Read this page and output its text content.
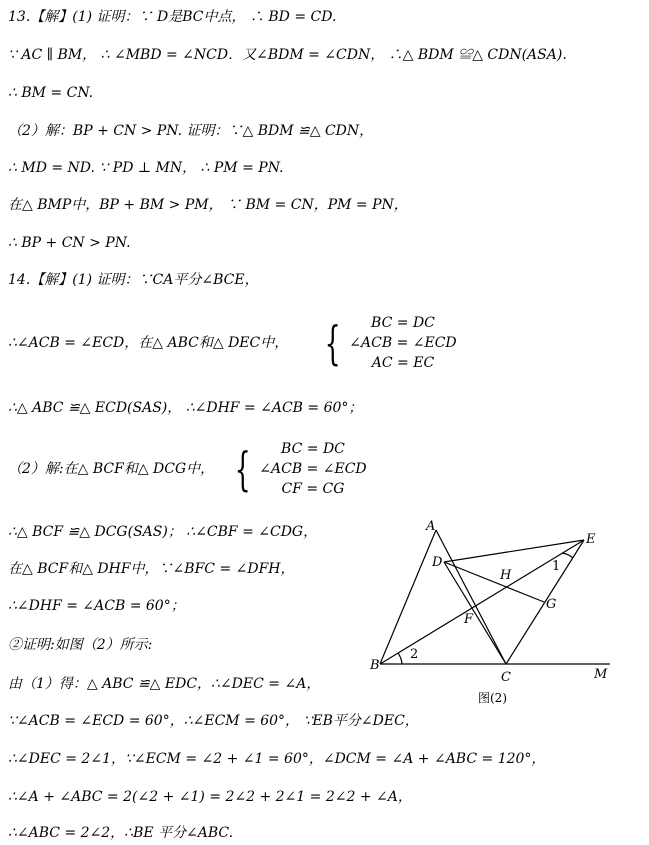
13.【解】(1) 证明：∵ D是BC中点， ∴ BD = CD.
∵ AC ∥ BM， ∴ ∠MBD = ∠NCD．又∠BDM = ∠CDN， ∴△ BDM ≌△ CDN(ASA).
∴ BM = CN.
（2）解：BP + CN > PN. 证明：∵△ BDM ≌△ CDN，
∴ MD = ND. ∵ PD ⊥ MN， ∴ PM = PN.
在△ BMP中，BP + BM > PM， ∵ BM = CN，PM = PN，
∴ BP + CN > PN.
14.【解】(1) 证明：∵CA平分∠BCE，
∴∠ACB = ∠ECD，在△ ABC和△ DEC中， { BC = DC
∠ACB = ∠ECD
AC = EC
∴△ ABC ≌△ ECD(SAS)， ∴∠DHF = ∠ACB = 60°；
（2）解:在△ BCF和△ DCG中， { BC = DC
∠ACB = ∠ECD
CF = CG
∴△ BCF ≌△ DCG(SAS)； ∴∠CBF = ∠CDG，
在△ BCF和△ DHF中，∵∠BFC = ∠DFH，
∴∠DHF = ∠ACB = 60°；
②证明:如图（2）所示:
由（1）得：△ ABC ≌△ EDC，∴∠DEC = ∠A，
∵∠ACB = ∠ECD = 60°，∴∠ECM = 60°， ∵EB平分∠DEC，
∴∠DEC = 2∠1，∵∠ECM = ∠2 + ∠1 = 60°，∠DCM = ∠A + ∠ABC = 120°，
∴∠A + ∠ABC = 2(∠2 + ∠1) = 2∠2 + 2∠1 = 2∠2 + ∠A，
∴∠ABC = 2∠2，∴BE 平分∠ABC.
A
B
C
D
E
F
G
H
M
1
2
图(2)
